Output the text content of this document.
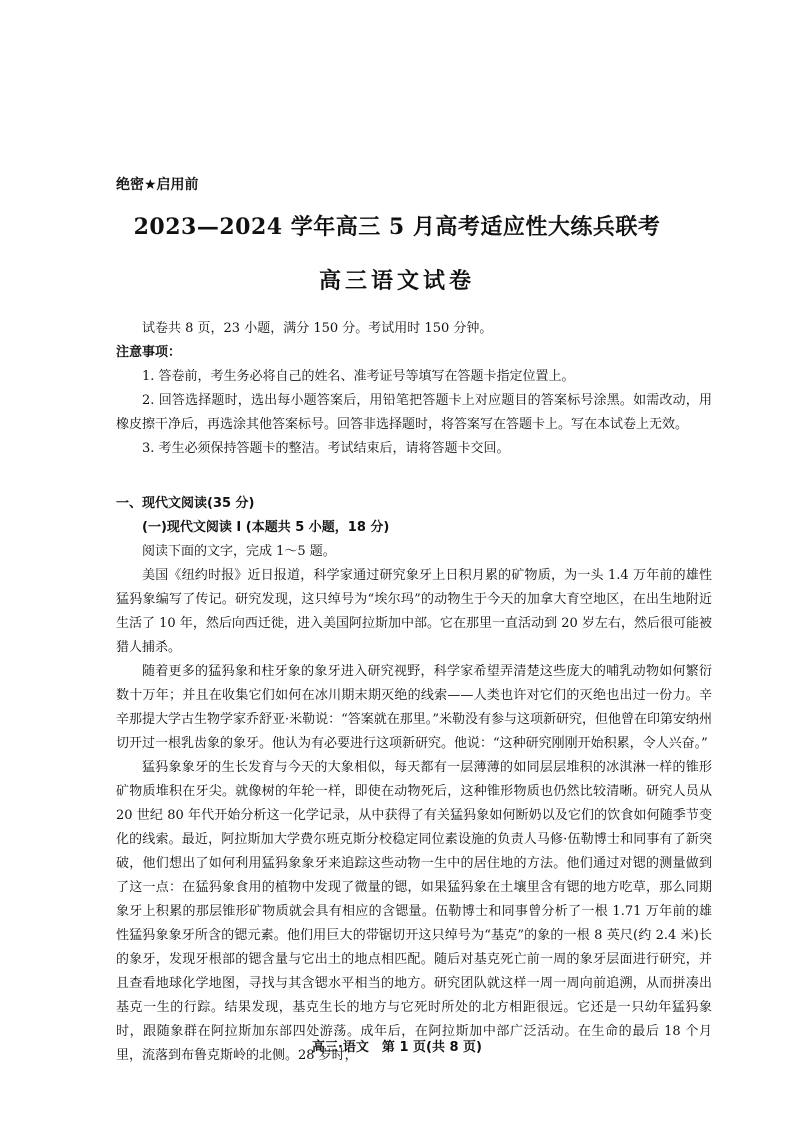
绝密★启用前
2023—2024 学年高三 5 月高考适应性大练兵联考
高三语文试卷
试卷共 8 页，23 小题，满分 150 分。考试用时 150 分钟。
注意事项：

1. 答卷前，考生务必将自己的姓名、准考证号等填写在答题卡指定位置上。

2. 回答选择题时，选出每小题答案后，用铅笔把答题卡上对应题目的答案标号涂黑。如需改动，用橡皮擦干净后，再选涂其他答案标号。回答非选择题时，将答案写在答题卡上。写在本试卷上无效。

3. 考生必须保持答题卡的整洁。考试结束后，请将答题卡交回。

一、现代文阅读(35 分)
(一)现代文阅读 I (本题共 5 小题，18 分)
阅读下面的文字，完成 1～5 题。

美国《纽约时报》近日报道，科学家通过研究象牙上日积月累的矿物质，为一头 1.4 万年前的雄性猛犸象编写了传记。研究发现，这只绰号为“埃尔玛”的动物生于今天的加拿大育空地区，在出生地附近生活了 10 年，然后向西迁徙，进入美国阿拉斯加中部。它在那里一直活动到 20 岁左右，然后很可能被猎人捕杀。

随着更多的猛犸象和柱牙象的象牙进入研究视野，科学家希望弄清楚这些庞大的哺乳动物如何繁衍数十万年；并且在收集它们如何在冰川期末期灭绝的线索——人类也许对它们的灭绝也出过一份力。辛辛那提大学古生物学家乔舒亚·米勒说：“答案就在那里。”米勒没有参与这项新研究，但他曾在印第安纳州切开过一根乳齿象的象牙。他认为有必要进行这项新研究。他说：“这种研究刚刚开始积累，令人兴奋。”

猛犸象象牙的生长发育与今天的大象相似，每天都有一层薄薄的如同层层堆积的冰淇淋一样的锥形矿物质堆积在牙尖。就像树的年轮一样，即使在动物死后，这种锥形物质也仍然比较清晰。研究人员从 20 世纪 80 年代开始分析这一化学记录，从中获得了有关猛犸象如何断奶以及它们的饮食如何随季节变化的线索。最近，阿拉斯加大学费尔班克斯分校稳定同位素设施的负责人马修·伍勒博士和同事有了新突破，他们想出了如何利用猛犸象象牙来追踪这些动物一生中的居住地的方法。他们通过对锶的测量做到了这一点：在猛犸象食用的植物中发现了微量的锶，如果猛犸象在土壤里含有锶的地方吃草，那么同期象牙上积累的那层锥形矿物质就会具有相应的含锶量。伍勒博士和同事曾分析了一根 1.71 万年前的雄性猛犸象象牙所含的锶元素。他们用巨大的带锯切开这只绰号为“基克”的象的一根 8 英尺(约 2.4 米)长的象牙，发现牙根部的锶含量与它出土的地点相匹配。随后对基克死亡前一周的象牙层面进行研究，并且查看地球化学地图，寻找与其含锶水平相当的地方。研究团队就这样一周一周向前追溯，从而拼凑出基克一生的行踪。结果发现，基克生长的地方与它死时所处的北方相距很远。它还是一只幼年猛犸象时，跟随象群在阿拉斯加东部四处游荡。成年后，在阿拉斯加中部广泛活动。在生命的最后 18 个月里，流落到布鲁克斯岭的北侧。28 岁时，

高三·语文　第 1 页(共 8 页)
